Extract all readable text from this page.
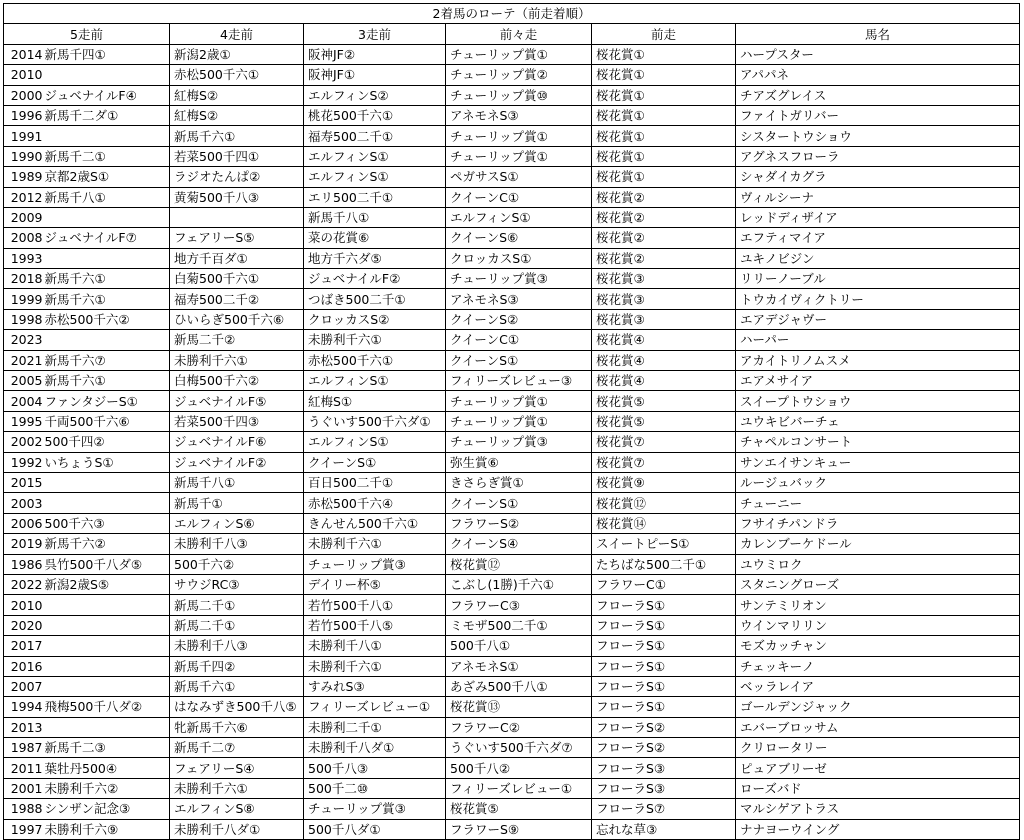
2着馬のローテ（前走着順）						
5走前		4走前	3走前	前々走	前走	馬名
2014	新馬千四①	新潟2歳①	阪神JF②	チューリップ賞①	桜花賞①	ハープスター
2010		赤松500千六①	阪神JF①	チューリップ賞②	桜花賞①	アパパネ
2000	ジュベナイルF④	紅梅S②	エルフィンS②	チューリップ賞⑩	桜花賞①	チアズグレイス
1996	新馬千二ダ①	紅梅S②	桃花500千六①	アネモネS③	桜花賞①	ファイトガリバー
1991		新馬千六①	福寿500二千①	チューリップ賞①	桜花賞①	シスタートウショウ
1990	新馬千二①	若菜500千四①	エルフィンS①	チューリップ賞①	桜花賞①	アグネスフローラ
1989	京都2歳S①	ラジオたんぱ②	エルフィンS①	ペガサスS①	桜花賞①	シャダイカグラ
2012	新馬千八①	黄菊500千八③	エリ500二千①	クイーンC①	桜花賞②	ヴィルシーナ
2009			新馬千八①	エルフィンS①	桜花賞②	レッドディザイア
2008	ジュベナイルF⑦	フェアリーS⑤	菜の花賞⑥	クイーンS⑥	桜花賞②	エフティマイア
1993		地方千百ダ①	地方千六ダ⑤	クロッカスS①	桜花賞②	ユキノビジン
2018	新馬千六①	白菊500千六①	ジュベナイルF②	チューリップ賞③	桜花賞③	リリーノーブル
1999	新馬千六①	福寿500二千②	つばき500二千①	アネモネS③	桜花賞③	トウカイヴィクトリー
1998	赤松500千六②	ひいらぎ500千六⑥	クロッカスS②	クイーンS②	桜花賞③	エアデジャヴー
2023		新馬二千②	未勝利千六①	クイーンC①	桜花賞④	ハーパー
2021	新馬千六⑦	未勝利千六①	赤松500千六①	クイーンS①	桜花賞④	アカイトリノムスメ
2005	新馬千六①	白梅500千六②	エルフィンS①	フィリーズレビュー③	桜花賞④	エアメサイア
2004	ファンタジーS①	ジュベナイルF⑤	紅梅S①	チューリップ賞①	桜花賞⑤	スイープトウショウ
1995	千両500千六⑥	若菜500千四③	うぐいす500千六ダ①	チューリップ賞①	桜花賞⑤	ユウキビバーチェ
2002	500千四②	ジュベナイルF⑥	エルフィンS①	チューリップ賞③	桜花賞⑦	チャペルコンサート
1992	いちょうS①	ジュベナイルF②	クイーンS①	弥生賞⑥	桜花賞⑦	サンエイサンキュー
2015		新馬千八①	百日500二千①	きさらぎ賞①	桜花賞⑨	ルージュバック
2003		新馬千①	赤松500千六④	クイーンS①	桜花賞⑫	チューニー
2006	500千六③	エルフィンS⑥	きんせん500千六①	フラワーS②	桜花賞⑭	フサイチパンドラ
2019	新馬千六②	未勝利千八③	未勝利千六①	クイーンS④	スイートピーS①	カレンブーケドール
1986	呉竹500千八ダ⑤	500千六②	チューリップ賞③	桜花賞⑫	たちばな500二千①	ユウミロク
2022	新潟2歳S⑤	サウジRC③	デイリー杯⑤	こぶし(1勝)千六①	フラワーC①	スタニングローズ
2010		新馬二千①	若竹500千八①	フラワーC③	フローラS①	サンテミリオン
2020		新馬二千①	若竹500千八⑤	ミモザ500二千①	フローラS①	ウインマリリン
2017		未勝利千八③	未勝利千八①	500千八①	フローラS①	モズカッチャン
2016		新馬千四②	未勝利千六①	アネモネS①	フローラS①	チェッキーノ
2007		新馬千六①	すみれS③	あざみ500千八①	フローラS①	ベッラレイア
1994	飛梅500千八ダ②	はなみずき500千八⑤	フィリーズレビュー①	桜花賞⑬	フローラS①	ゴールデンジャック
2013		牝新馬千六⑥	未勝利二千①	フラワーC②	フローラS②	エバーブロッサム
1987	新馬千二③	新馬千二⑦	未勝利千八ダ①	うぐいす500千六ダ⑦	フローラS②	クリロータリー
2011	葉牡丹500④	フェアリーS④	500千八③	500千八②	フローラS③	ピュアブリーゼ
2001	未勝利千六②	未勝利千六①	500千二⑩	フィリーズレビュー①	フローラS③	ローズバド
1988	シンザン記念③	エルフィンS⑧	チューリップ賞③	桜花賞⑤	フローラS⑦	マルシゲアトラス
1997	未勝利千六⑨	未勝利千八ダ①	500千八ダ①	フラワーS⑨	忘れな草③	ナナヨーウイング
